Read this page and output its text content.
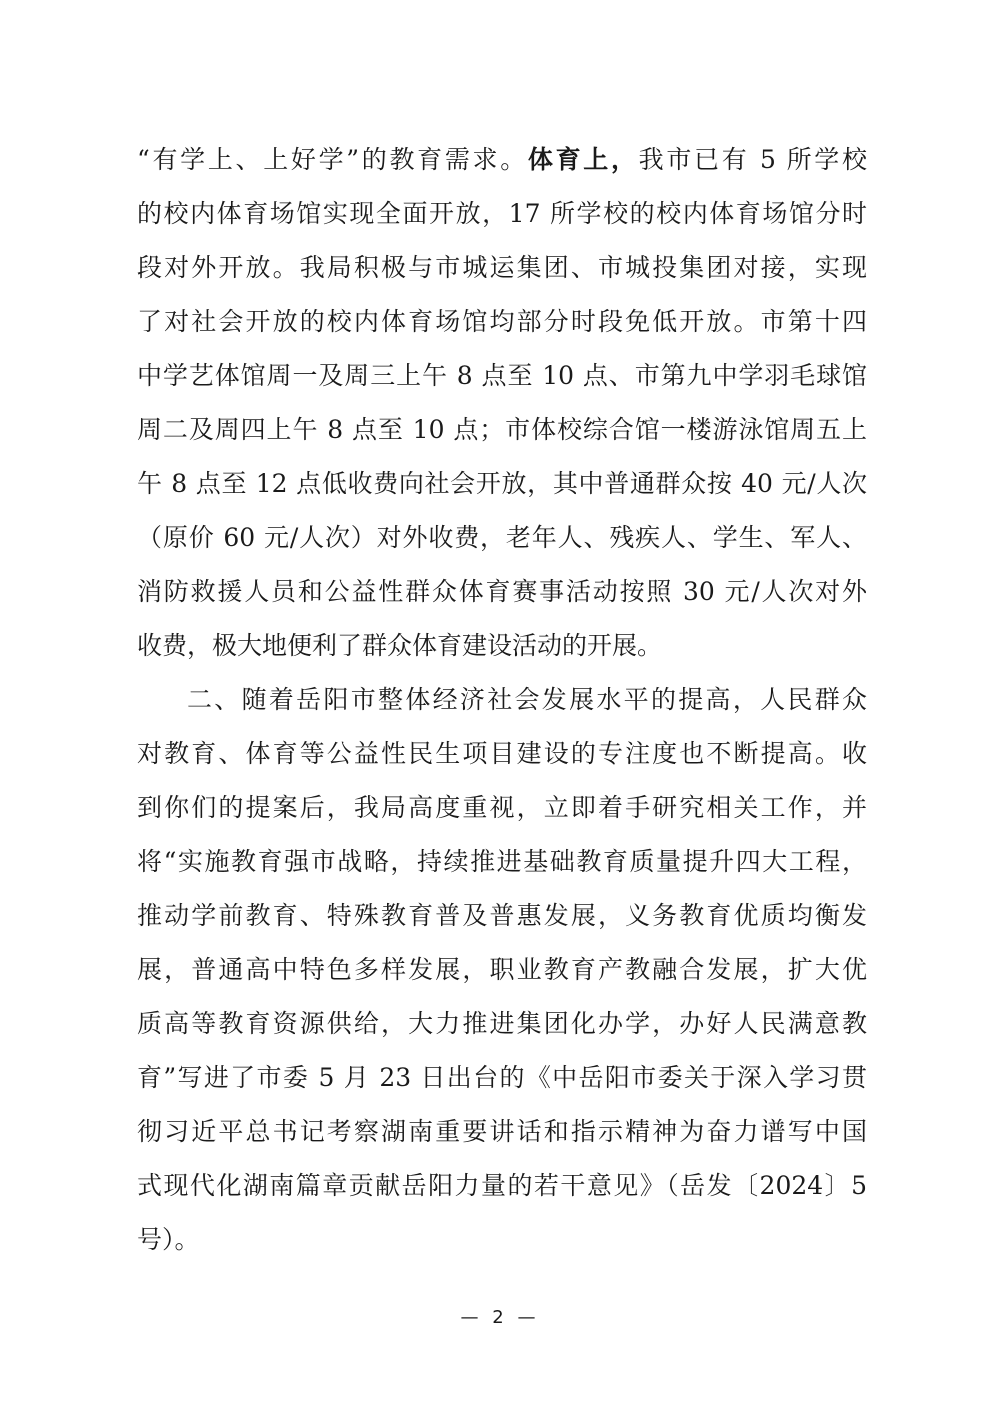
“有学上、上好学”的教育需求。体育上，我市已有 5 所学校
的校内体育场馆实现全面开放，17 所学校的校内体育场馆分时
段对外开放。我局积极与市城运集团、市城投集团对接，实现
了对社会开放的校内体育场馆均部分时段免低开放。市第十四
中学艺体馆周一及周三上午 8 点至 10 点、市第九中学羽毛球馆
周二及周四上午 8 点至 10 点；市体校综合馆一楼游泳馆周五上
午 8 点至 12 点低收费向社会开放，其中普通群众按 40 元/人次
（原价 60 元/人次）对外收费，老年人、残疾人、学生、军人、
消防救援人员和公益性群众体育赛事活动按照 30 元/人次对外
收费，极大地便利了群众体育建设活动的开展。
二、随着岳阳市整体经济社会发展水平的提高，人民群众
对教育、体育等公益性民生项目建设的专注度也不断提高。收
到你们的提案后，我局高度重视，立即着手研究相关工作，并
将“实施教育强市战略，持续推进基础教育质量提升四大工程，
推动学前教育、特殊教育普及普惠发展，义务教育优质均衡发
展，普通高中特色多样发展，职业教育产教融合发展，扩大优
质高等教育资源供给，大力推进集团化办学，办好人民满意教
育”写进了市委 5 月 23 日出台的《中岳阳市委关于深入学习贯
彻习近平总书记考察湖南重要讲话和指示精神为奋力谱写中国
式现代化湖南篇章贡献岳阳力量的若干意见》（岳发〔2024〕5
号）。
— 2 —
